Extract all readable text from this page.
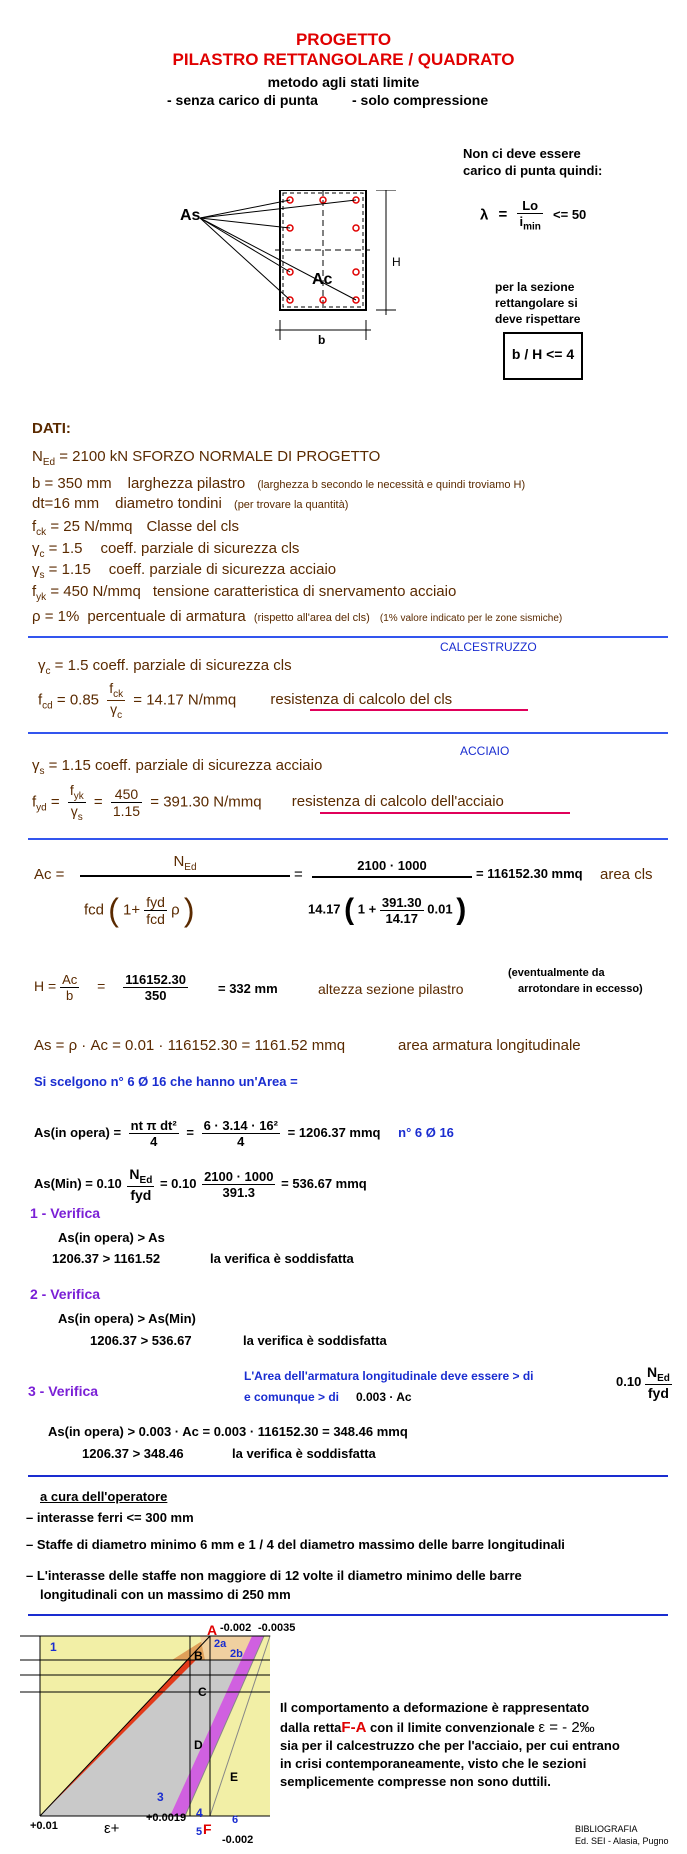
PROGETTO
PILASTRO RETTANGOLARE / QUADRATO
metodo agli stati limite
- senza carico di punta - solo compressione
As
Ac
H
b
Non ci deve essere
carico di punta quindi:
$\lambda = \frac{Lo}{i_{min}} <= 50$
per la sezione
rettangolare si
deve rispettare
b / H <= 4
DATI:
$N_{Ed} = 2100$ kN SFORZO NORMALE DI PROGETTO
b = 350 mm larghezza pilastro (larghezza b secondo le necessità e quindi troviamo H)
dt=16 mm diametro tondini (per trovare la quantità)
$f_{ck} = 25$ N/mmq Classe del cls
$\gamma_c = 1.5$ coeff. parziale di sicurezza cls
$\gamma_s = 1.15$ coeff. parziale di sicurezza acciaio
$f_{yk} = 450$ N/mmq tensione caratteristica di snervamento acciaio
ρ = 1% percentuale di armatura (rispetto all'area del cls) (1% valore indicato per le zone sismiche)
CALCESTRUZZO
$\gamma_c = 1.5$ coeff. parziale di sicurezza cls
$f_{cd} = 0.85 \frac{f_{ck}}{\gamma_c} = 14.17$ N/mmq resistenza di calcolo del cls
ACCIAIO
$\gamma_s = 1.15$ coeff. parziale di sicurezza acciaio
$f_{yd} = \frac{f_{yk}}{\gamma_s} = \frac{450}{1.15} = 391.30$ N/mmq resistenza di calcolo dell'acciaio
Ac =
$N_{Ed}$
fcd ( $1+ \frac{\text{fyd}}{\text{fcd}}$ ρ )
=
2100 · 1000
14.17 ( $1 + \frac{391.30}{14.17} 0.01$ )
= 116152.30 mmq area cls
$H = \frac{Ac}{b} = \frac{116152.30}{350} = 332$ mm	altezza sezione pilastro
(eventualmente da
arrotondare in eccesso)
As = ρ · Ac = 0.01 · 116152.30 = 1161.52 mmq	area armatura longitudinale
Si scelgono n° 6 Ø 16 che hanno un'Area =
As(in opera) = $\frac{\text{nt π dt²}}{4} = \frac{\text{6 · 3.14 · 16²}}{4} = 1206.37$ mmq n° 6 Ø 16
$As(Min) = 0.10 \frac{N_{Ed}}{\text{fyd}} = 0.10 \frac{2100 \cdot 1000}{391.3} = 536.67$ mmq
1 - Verifica
As(in opera) > As
1206.37 > 1161.52	la verifica è soddisfatta
2 - Verifica
As(in opera) > As(Min)
1206.37 > 536.67	la verifica è soddisfatta
3 - Verifica
L'Area dell'armatura longitudinale deve essere > di
e comunque > di 0.003 · Ac
$0.10 \frac{N_{Ed}}{\text{fyd}}$
As(in opera) > 0.003 · Ac = 0.003 · 116152.30 = 348.46 mmq
1206.37 > 348.46	la verifica è soddisfatta
a cura dell'operatore
– interasse ferri <= 300 mm
– Staffe di diametro minimo 6 mm e 1 / 4 del diametro massimo delle barre longitudinali
– L'interasse delle staffe non maggiore di 12 volte il diametro minimo delle barre
longitudinali con un massimo di 250 mm
A
B
C
D
E
F
1	2a
2b
3
4
5
6
-0.002 -0.0035
+0.01	ε+
+0.0019
-0.002
Il comportamento a deformazione è rappresentato
dalla rettaF-A con il limite convenzionale ε = - 2‰
sia per il calcestruzzo che per l'acciaio, per cui entrano
in crisi contemporaneamente, visto che le sezioni
semplicemente compresse non sono duttili.
BIBLIOGRAFIA
Ed. SEI - Alasia, Pugno
